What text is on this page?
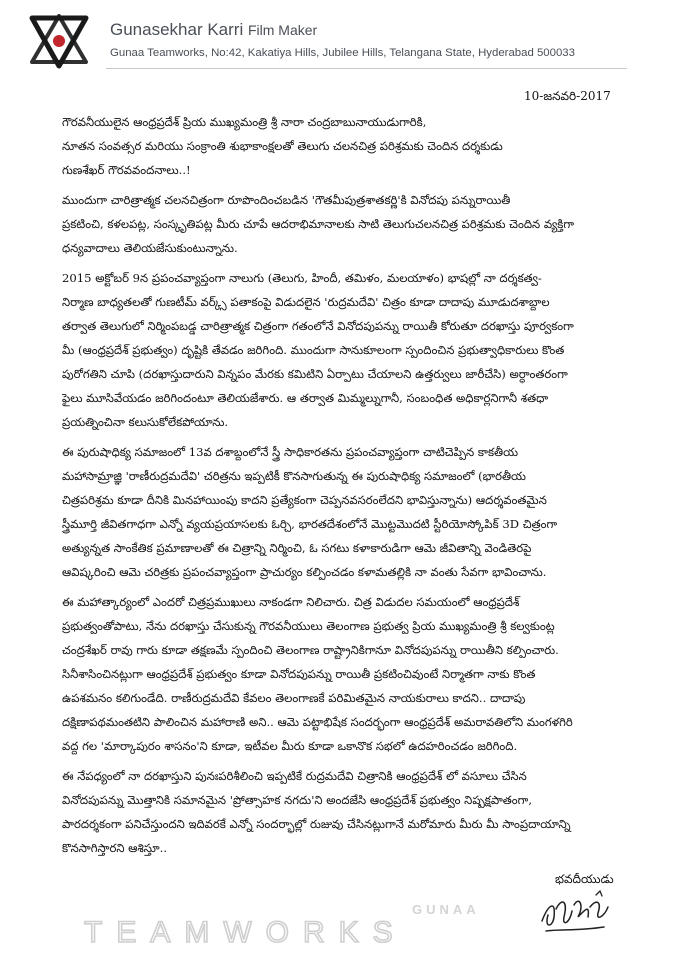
Gunasekhar Karri Film Maker
Gunaa Teamworks, No:42, Kakatiya Hills, Jubilee Hills, Telangana State, Hyderabad 500033
10-జనవరి-2017
గౌరవనీయులైన ఆంధ్రప్రదేశ్ ప్రియ ముఖ్యమంత్రి శ్రీ నారా చంద్రబాబునాయుడుగారికి,
నూతన సంవత్సర మరియు సంక్రాంతి శుభాకాంక్షలతో తెలుగు చలనచిత్ర పరిశ్రమకు చెందిన దర్శకుడు
గుణశేఖర్ గౌరవవందనాలు..!
ముందుగా చారిత్రాత్మక చలనచిత్రంగా రూపొందించబడిన 'గౌతమీపుత్రశాతకర్ణి'కి వినోదపు పన్నురాయితీ
ప్రకటించి, కళలపట్ల, సంస్కృతిపట్ల మీరు చూపే ఆదరాభిమానాలకు సాటి తెలుగుచలనచిత్ర పరిశ్రమకు చెందిన వ్యక్తిగా
ధన్యవాదాలు తెలియజేసుకుంటున్నాను.
2015 అక్టోబర్ 9న ప్రపంచవ్యాప్తంగా నాలుగు (తెలుగు, హిందీ, తమిళం, మలయాళం) భాషల్లో నా దర్శకత్వ-
నిర్మాణ బాధ్యతలతో గుణటీమ్ వర్క్స్ పతాకంపై విడుదలైన 'రుద్రమదేవి' చిత్రం కూడా దాదాపు మూడుదశాబ్దాల
తర్వాత తెలుగులో నిర్మింపబడ్డ చారిత్రాత్మక చిత్రంగా గతంలోనే వినోదపుపన్ను రాయితీ కోరుతూ దరఖాస్తు పూర్వకంగా
మీ (ఆంధ్రప్రదేశ్ ప్రభుత్వం) దృష్టికి తేవడం జరిగింది. ముందుగా సానుకూలంగా స్పందించిన ప్రభుత్వాధికారులు కొంత
పురోగతిని చూపి (దరఖాస్తుదారుని విన్నపం మేరకు కమిటిని ఏర్పాటు చేయాలని ఉత్తర్వులు జారీచేసి) అర్ధాంతరంగా
ఫైలు మూసివేయడం జరిగిందంటూ తెలియజేశారు. ఆ తర్వాత మిమ్మల్నుగానీ, సంబంధిత అధికార్లనిగానీ శతధా
ప్రయత్నించినా కలుసుకోలేకపోయాను.
ఈ పురుషాధిక్య సమాజంలో 13వ దశాబ్దంలోనే స్త్రీ సాధికారతను ప్రపంచవ్యాప్తంగా చాటిచెప్పిన కాకతీయ
మహాసామ్రాజ్ఞి 'రాణీరుద్రమదేవి' చరిత్రను ఇప్పటికీ కొనసాగుతున్న ఈ పురుషాధిక్య సమాజంలో (భారతీయ
చిత్రపరిశ్రమ కూడా దీనికి మినహాయింపు కాదని ప్రత్యేకంగా చెప్పనవసరంలేదని భావిస్తున్నాను) ఆదర్శవంతమైన
స్త్రీమూర్తి జీవితగాధగా ఎన్నో వ్యయప్రయాసలకు ఓర్చి, భారతదేశంలోనే మొట్టమొదటి స్టీరియోస్కోపిక్ 3D చిత్రంగా
అత్యున్నత సాంకేతిక ప్రమాణాలతో ఈ చిత్రాన్ని నిర్మించి, ఓ సగటు కళాకారుడిగా ఆమె జీవితాన్ని వెండితెరపై
ఆవిష్కరించి ఆమె చరిత్రకు ప్రపంచవ్యాప్తంగా ప్రాచుర్యం కల్పించడం కళామతల్లికి నా వంతు సేవగా భావించాను.
ఈ మహాత్కార్యంలో ఎందరో చిత్రప్రముఖులు నాకండగా నిలిచారు. చిత్ర విడుదల సమయంలో ఆంధ్రప్రదేశ్
ప్రభుత్వంతోపాటు, నేను దరఖాస్తు చేసుకున్న గౌరవనీయులు తెలంగాణ ప్రభుత్వ ప్రియ ముఖ్యమంత్రి శ్రీ కల్వకుంట్ల
చంద్రశేఖర్ రావు గారు కూడా తక్షణమే స్పందించి తెలంగాణ రాష్ట్రానికిగానూ వినోదపుపన్ను రాయితీని కల్పించారు.
సినీశాసించినట్లుగా ఆంధ్రప్రదేశ్ ప్రభుత్వం కూడా వినోదపుపన్ను రాయితీ ప్రకటించివుంటే నిర్మాతగా నాకు కొంత
ఉపశమనం కలిగుండేది. రాణీరుద్రమదేవి కేవలం తెలంగాణకే పరిమితమైన నాయకురాలు కాదని.. దాదాపు
దక్షిణాపథమంతటిని పాలించిన మహారాణి అని.. ఆమె పట్టాభిషేక సందర్భంగా ఆంధ్రప్రదేశ్ అమరావతిలోని మంగళగిరి
వద్ద గల 'మార్కాపురం శాసనం'ని కూడా, ఇటీవల మీరు కూడా ఒకానొక సభలో ఉదహరించడం జరిగింది.
ఈ నేపధ్యంలో నా దరఖాస్తుని పునఃపరిశీలించి ఇప్పటికే రుద్రమదేవి చిత్రానికి ఆంధ్రప్రదేశ్ లో వసూలు చేసిన
వినోదపుపన్ను మొత్తానికి సమానమైన 'ప్రోత్సాహక నగదు'ని అందజేసి ఆంధ్రప్రదేశ్ ప్రభుత్వం నిష్పక్షపాతంగా,
పారదర్శకంగా పనిచేస్తుందని ఇదివరకే ఎన్నో సందర్భాల్లో రుజువు చేసినట్లుగానే మరోమారు మీరు మీ సాంప్రదాయాన్ని
కొనసాగిస్తారని ఆశిస్తూ..
GUNAA
TEAMWORKS
భవదీయుడు
